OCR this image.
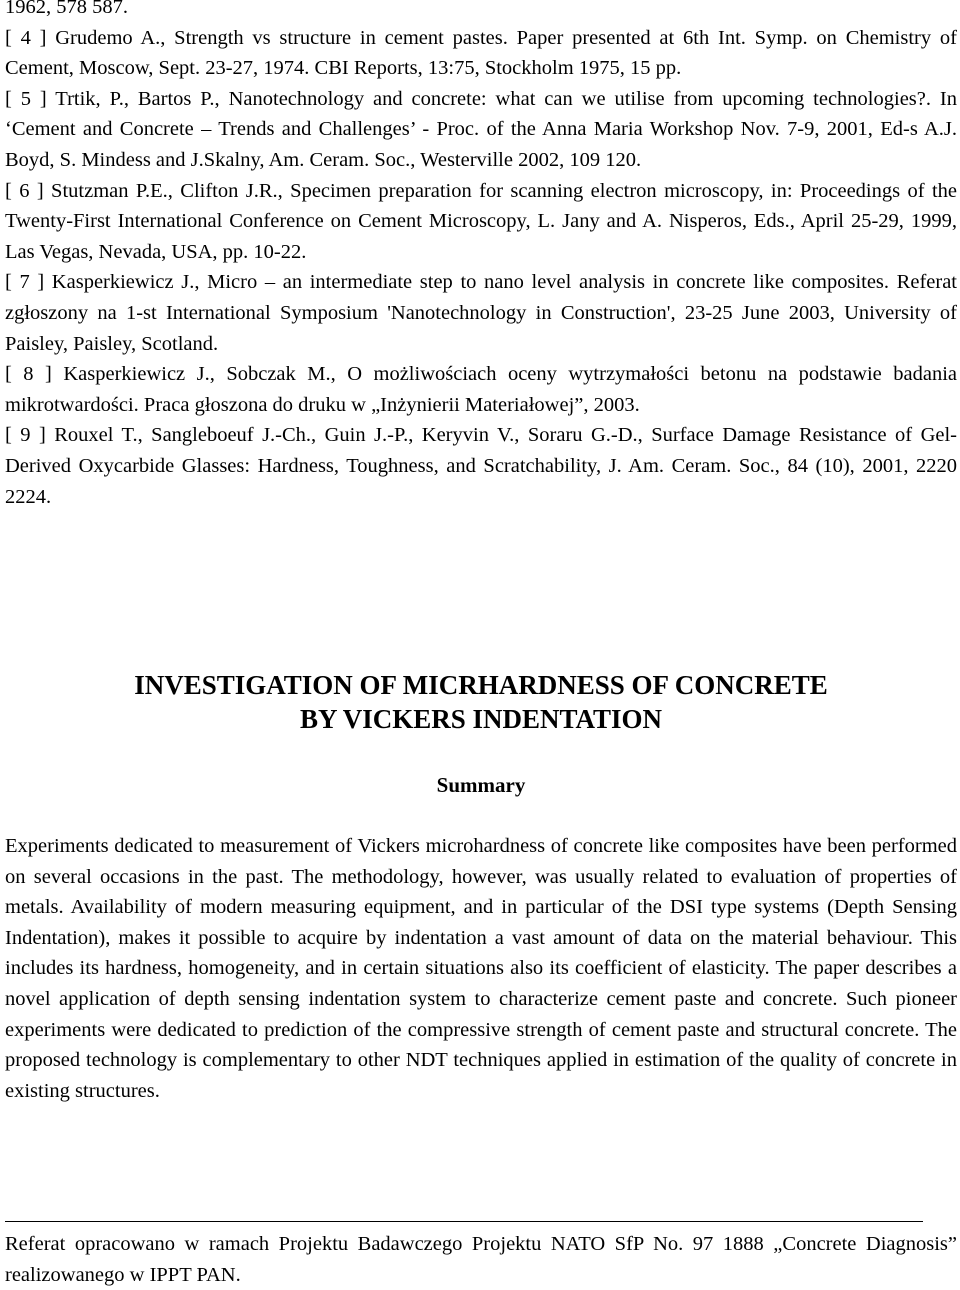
1962, 578 587.

[ 4 ] Grudemo A., Strength vs structure in cement pastes. Paper presented at 6th Int. Symp. on Chemistry of Cement, Moscow, Sept. 23-27, 1974. CBI Reports, 13:75, Stockholm 1975, 15 pp.

[ 5 ] Trtik, P., Bartos P., Nanotechnology and concrete: what can we utilise from upcoming technologies?. In ‘Cement and Concrete – Trends and Challenges’ - Proc. of the Anna Maria Workshop Nov. 7-9, 2001, Ed-s A.J. Boyd, S. Mindess and J.Skalny, Am. Ceram. Soc., Westerville 2002, 109 120.

[ 6 ] Stutzman P.E., Clifton J.R., Specimen preparation for scanning electron microscopy, in: Proceedings of the Twenty-First International Conference on Cement Microscopy, L. Jany and A. Nisperos, Eds., April 25-29, 1999, Las Vegas, Nevada, USA, pp. 10-22.

[ 7 ] Kasperkiewicz J., Micro – an intermediate step to nano level analysis in concrete like composites. Referat zgłoszony na 1-st International Symposium 'Nanotechnology in Construction', 23-25 June 2003, University of Paisley, Paisley, Scotland.

[ 8 ] Kasperkiewicz J., Sobczak M., O możliwościach oceny wytrzymałości betonu na podstawie badania mikrotwardości. Praca głoszona do druku w „Inżynierii Materiałowej”, 2003.

[ 9 ] Rouxel T., Sangleboeuf J.-Ch., Guin J.-P., Keryvin V., Soraru G.-D., Surface Damage Resistance of Gel-Derived Oxycarbide Glasses: Hardness, Toughness, and Scratchability, J. Am. Ceram. Soc., 84 (10), 2001, 2220 2224.

INVESTIGATION OF MICRHARDNESS OF CONCRETE
BY VICKERS INDENTATION
Summary

Experiments dedicated to measurement of Vickers microhardness of concrete like composites have been performed on several occasions in the past. The methodology, however, was usually related to evaluation of properties of metals. Availability of modern measuring equipment, and in particular of the DSI type systems (Depth Sensing Indentation), makes it possible to acquire by indentation a vast amount of data on the material behaviour. This includes its hardness, homogeneity, and in certain situations also its coefficient of elasticity. The paper describes a novel application of depth sensing indentation system to characterize cement paste and concrete. Such pioneer experiments were dedicated to prediction of the compressive strength of cement paste and structural concrete. The proposed technology is complementary to other NDT techniques applied in estimation of the quality of concrete in existing structures.

Referat opracowano w ramach Projektu Badawczego Projektu NATO SfP No. 97 1888 „Concrete Diagnosis” realizowanego w IPPT PAN.
